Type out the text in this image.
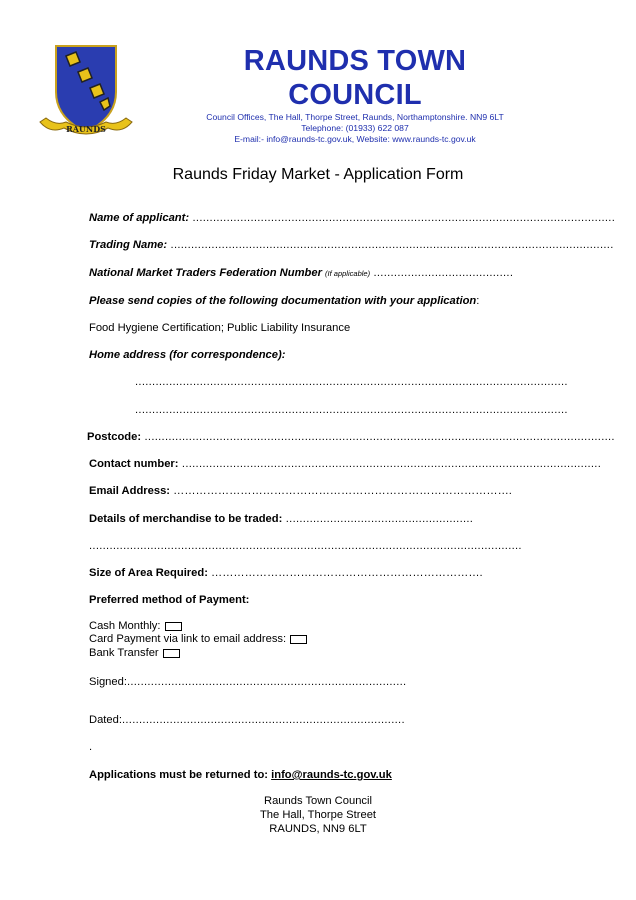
RAUNDS
RAUNDS TOWN COUNCIL
Council Offices, The Hall, Thorpe Street, Raunds, Northamptonshire. NN9 6LT
Telephone: (01933) 622 087
E-mail:- info@raunds-tc.gov.uk, Website: www.raunds-tc.gov.uk
Raunds Friday Market - Application Form
Name of applicant: ............................................................................................................................
Trading Name: ..................................................................................................................................
National Market Traders Federation Number (If applicable) .........................................
Please send copies of the following documentation with your application:
Food Hygiene Certification; Public Liability Insurance
Home address (for correspondence):
...............................................................................................................................
...............................................................................................................................
Postcode: ..........................................................................................................................................
Contact number: ...........................................................................................................................
Email Address: ……………………………………………………………………………….
Details of merchandise to be traded: .......................................................
...............................................................................................................................
Size of Area Required: ……………………………………………………………….
Preferred method of Payment:
Cash Monthly:
Card Payment via link to email address:
Bank Transfer
Signed:..................................................................................
Dated:...................................................................................
.
Applications must be returned to: info@raunds-tc.gov.uk
Raunds Town Council
The Hall, Thorpe Street
RAUNDS, NN9 6LT
